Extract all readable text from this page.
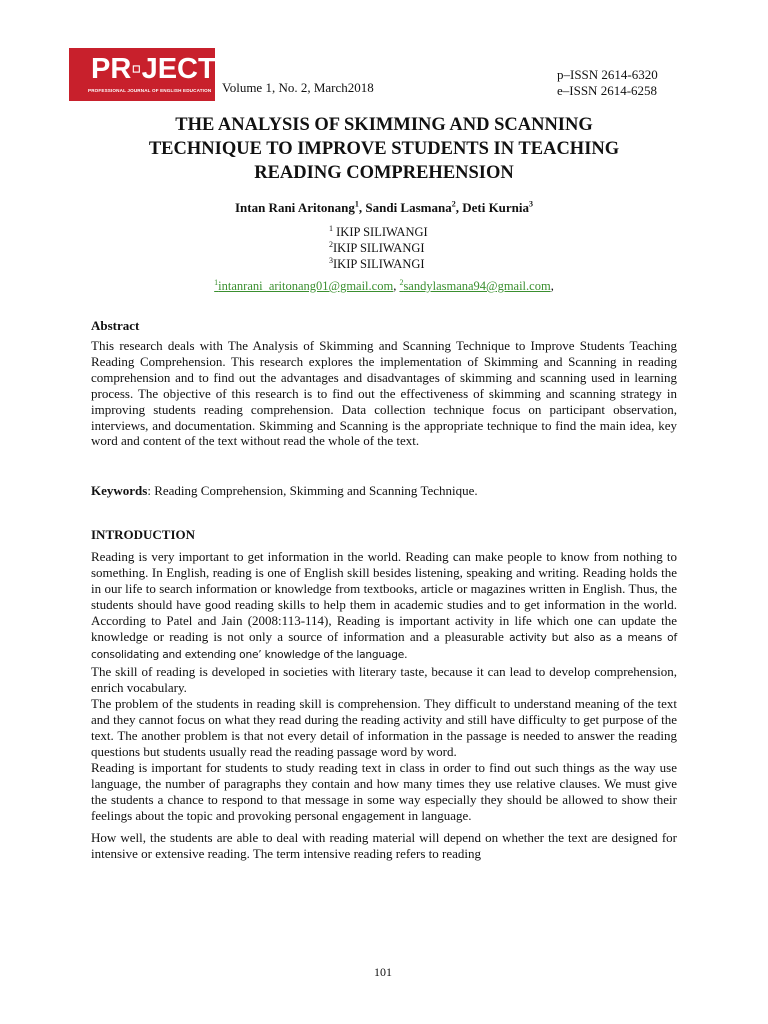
PR▫JECT
PROFESSIONAL JOURNAL OF ENGLISH EDUCATION Volume 1, No. 2, March2018
p–ISSN 2614-6320
e–ISSN 2614-6258
THE ANALYSIS OF SKIMMING AND SCANNING
TECHNIQUE TO IMPROVE STUDENTS IN TEACHING
READING COMPREHENSION
Intan Rani Aritonang$^1$, Sandi Lasmana$^2$, Deti Kurnia$^3$
$^1$ IKIP SILIWANGI
$^2$IKIP SILIWANGI
$^3$IKIP SILIWANGI
$^1$intanrani_aritonang01@gmail.com, $^2$sandylasmana94@gmail.com,
Abstract

This research deals with The Analysis of Skimming and Scanning Technique to Improve Students Teaching Reading Comprehension. This research explores the implementation of Skimming and Scanning in reading comprehension and to find out the advantages and disadvantages of skimming and scanning used in learning process. The objective of this research is to find out the effectiveness of skimming and scanning strategy in improving students reading comprehension. Data collection technique focus on participant observation, interviews, and documentation. Skimming and Scanning is the appropriate technique to find the main idea, key word and content of the text without read the whole of the text.

Keywords: Reading Comprehension, Skimming and Scanning Technique.

INTRODUCTION
Reading is very important to get information in the world. Reading can make people to know from nothing to something. In English, reading is one of English skill besides listening, speaking and writing. Reading holds the in our life to search information or knowledge from textbooks, article or magazines written in English. Thus, the students should have good reading skills to help them in academic studies and to get information in the world. According to Patel and Jain (2008:113-114), Reading is important activity in life which one can update the knowledge or reading is not only a source of information and a pleasurable activity but also as a means of consolidating and extending one’ knowledge of the language.
The skill of reading is developed in societies with literary taste, because it can lead to develop comprehension, enrich vocabulary.
The problem of the students in reading skill is comprehension. They difficult to understand meaning of the text and they cannot focus on what they read during the reading activity and still have difficulty to get purpose of the text. The another problem is that not every detail of information in the passage is needed to answer the reading questions but students usually read the reading passage word by word.
Reading is important for students to study reading text in class in order to find out such things as the way use language, the number of paragraphs they contain and how many times they use relative clauses. We must give the students a chance to respond to that message in some way especially they should be allowed to show their feelings about the topic and provoking personal engagement in language.
How well, the students are able to deal with reading material will depend on whether the text are designed for intensive or extensive reading. The term intensive reading refers to reading
101
